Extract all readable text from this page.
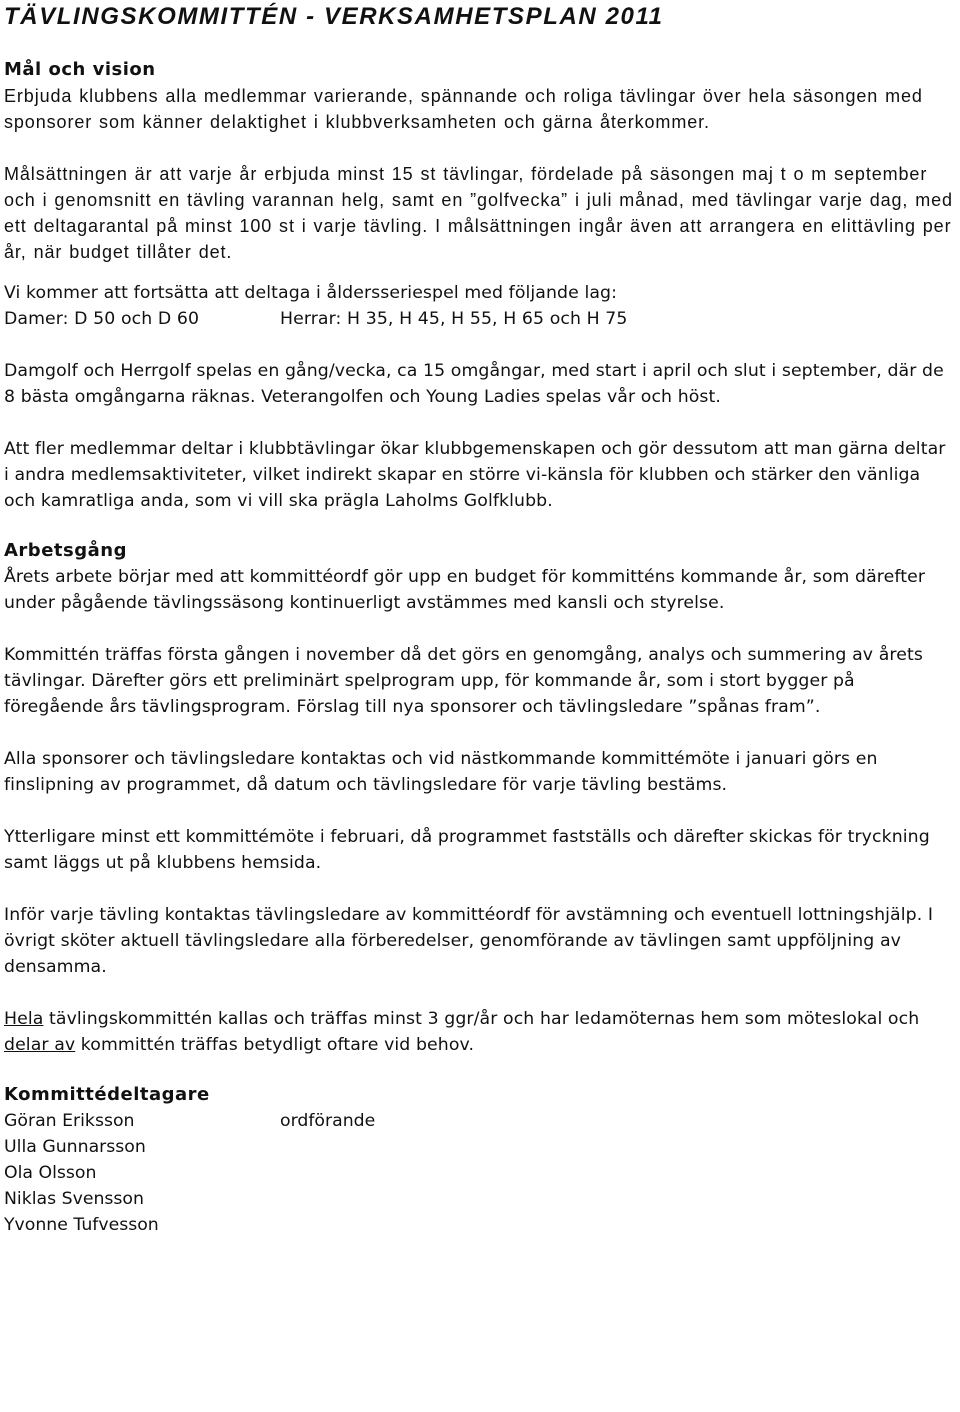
TÄVLINGSKOMMITTÉN - VERKSAMHETSPLAN 2011
Mål och vision

Erbjuda klubbens alla medlemmar varierande, spännande och roliga tävlingar över hela säsongen med sponsorer som känner delaktighet i klubbverksamheten och gärna återkommer.

Målsättningen är att varje år erbjuda minst 15 st tävlingar, fördelade på säsongen maj t o m september och i genomsnitt en tävling varannan helg, samt en ”golfvecka” i juli månad, med tävlingar varje dag, med ett deltagarantal på minst 100 st i varje tävling. I målsättningen ingår även att arrangera en elittävling per år, när budget tillåter det.

Vi kommer att fortsätta att deltaga i åldersseriespel med följande lag:

Damer: D 50 och D 60	Herrar: H 35, H 45, H 55, H 65 och H 75

Damgolf och Herrgolf spelas en gång/vecka, ca 15 omgångar, med start i april och slut i september, där de 8 bästa omgångarna räknas. Veterangolfen och Young Ladies spelas vår och höst.

Att fler medlemmar deltar i klubbtävlingar ökar klubbgemenskapen och gör dessutom att man gärna deltar i andra medlemsaktiviteter, vilket indirekt skapar en större vi-känsla för klubben och stärker den vänliga och kamratliga anda, som vi vill ska prägla Laholms Golfklubb.

Arbetsgång

Årets arbete börjar med att kommittéordf gör upp en budget för kommitténs kommande år, som därefter under pågående tävlingssäsong kontinuerligt avstämmes med kansli och styrelse.

Kommittén träffas första gången i november då det görs en genomgång, analys och summering av årets tävlingar. Därefter görs ett preliminärt spelprogram upp, för kommande år, som i stort bygger på föregående års tävlingsprogram. Förslag till nya sponsorer och tävlingsledare ”spånas fram”.

Alla sponsorer och tävlingsledare kontaktas och vid nästkommande kommittémöte i januari görs en finslipning av programmet, då datum och tävlingsledare för varje tävling bestäms.

Ytterligare minst ett kommittémöte i februari, då programmet fastställs och därefter skickas för tryckning samt läggs ut på klubbens hemsida.

Inför varje tävling kontaktas tävlingsledare av kommittéordf för avstämning och eventuell lottningshjälp. I övrigt sköter aktuell tävlingsledare alla förberedelser, genomförande av tävlingen samt uppföljning av densamma.

Hela tävlingskommittén kallas och träffas minst 3 ggr/år och har ledamöternas hem som möteslokal och delar av kommittén träffas betydligt oftare vid behov.

Kommittédeltagare
Göran Eriksson	ordförande
Ulla Gunnarsson
Ola Olsson
Niklas Svensson
Yvonne Tufvesson
